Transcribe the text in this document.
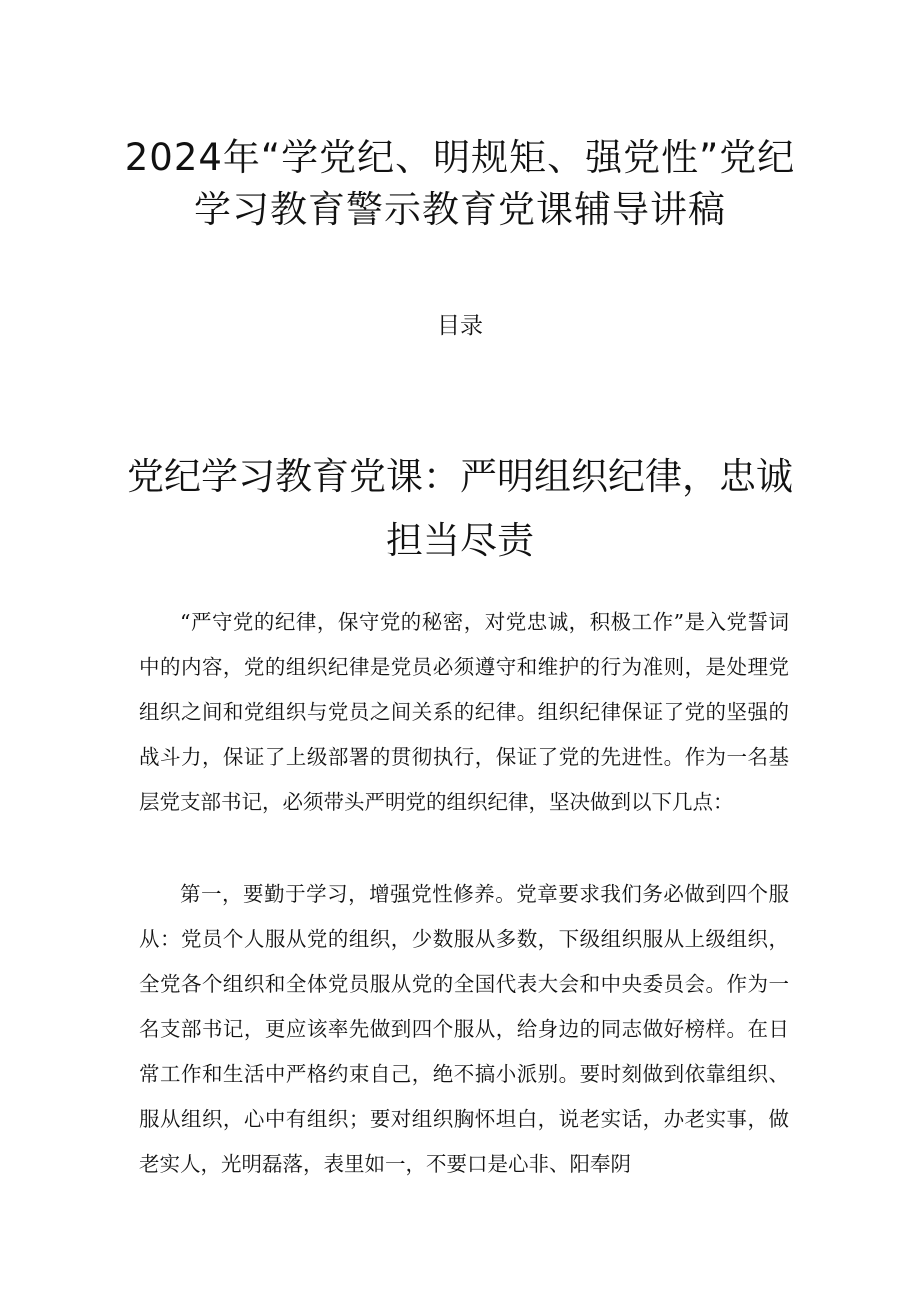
2024年“学党纪、明规矩、强党性”党纪
学习教育警示教育党课辅导讲稿
目录
党纪学习教育党课：严明组织纪律，忠诚
担当尽责

“严守党的纪律，保守党的秘密，对党忠诚，积极工作”是入党誓词中的内容，党的组织纪律是党员必须遵守和维护的行为准则，是处理党组织之间和党组织与党员之间关系的纪律。组织纪律保证了党的坚强的战斗力，保证了上级部署的贯彻执行，保证了党的先进性。作为一名基层党支部书记，必须带头严明党的组织纪律，坚决做到以下几点：

第一，要勤于学习，增强党性修养。党章要求我们务必做到四个服从：党员个人服从党的组织，少数服从多数，下级组织服从上级组织，全党各个组织和全体党员服从党的全国代表大会和中央委员会。作为一名支部书记，更应该率先做到四个服从，给身边的同志做好榜样。在日常工作和生活中严格约束自己，绝不搞小派别。要时刻做到依靠组织、服从组织，心中有组织；要对组织胸怀坦白，说老实话，办老实事，做老实人，光明磊落，表里如一，不要口是心非、阳奉阴
